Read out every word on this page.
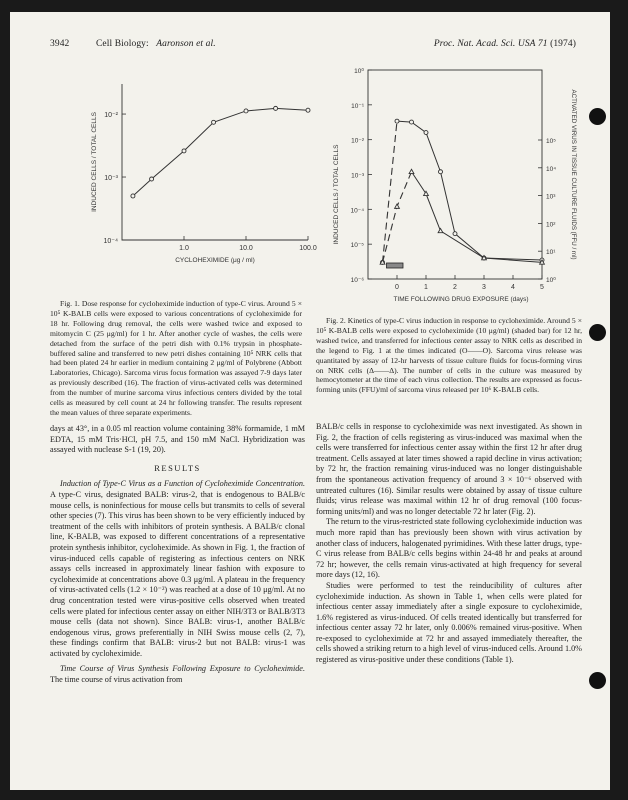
3942	Cell Biology: Aaronson et al.	Proc. Nat. Acad. Sci. USA 71 (1974)
1.0	10.0	100.0
10⁻²
10⁻³
10⁻⁴
CYCLOHEXIMIDE (μg / ml)
INDUCED CELLS / TOTAL CELLS
0	1	2	3	4	5
10⁰
10⁻¹
10⁻²
10⁻³
10⁻⁴
10⁻⁵
10⁻⁶
10⁵
10⁴
10³
10²
10¹
10⁰
TIME FOLLOWING DRUG EXPOSURE (days)
INDUCED CELLS / TOTAL CELLS	ACTIVATED VIRUS IN TISSUE CULTURE FLUIDS (FFU / ml)

Fig. 1. Dose response for cycloheximide induction of type-C virus. Around 5 × 10⁵ K-BALB cells were exposed to various concentrations of cycloheximide for 18 hr. Following drug removal, the cells were washed twice and exposed to mitomycin C (25 μg/ml) for 1 hr. After another cycle of washes, the cells were detached from the surface of the petri dish with 0.1% trypsin in phosphate-buffered saline and transferred to new petri dishes containing 10⁵ NRK cells that had been plated 24 hr earlier in medium containing 2 μg/ml of Polybrene (Abbott Laboratories, Chicago). Sarcoma virus focus formation was assayed 7-9 days later as previously described (16). The fraction of virus-activated cells was determined from the number of murine sarcoma virus infectious centers divided by the total cells as measured by cell count at 24 hr following transfer. The results represent the mean values of three separate experiments.

Fig. 2. Kinetics of type-C virus induction in response to cycloheximide. Around 5 × 10⁵ K-BALB cells were exposed to cycloheximide (10 μg/ml) (shaded bar) for 12 hr, washed twice, and transferred for infectious center assay to NRK cells as described in the legend to Fig. 1 at the times indicated (O——O). Sarcoma virus release was quantitated by assay of 12-hr harvests of tissue culture fluids for focus-forming virus on NRK cells (Δ——Δ). The number of cells in the culture was measured by hemocytometer at the time of each virus collection. The results are expressed as focus-forming units (FFU)/ml of sarcoma virus released per 10⁶ K-BALB cells.

days at 43°, in a 0.05 ml reaction volume containing 38% formamide, 1 mM EDTA, 15 mM Tris·HCl, pH 7.5, and 150 mM NaCl. Hybridization was assayed with nuclease S-1 (19, 20).

RESULTS

Induction of Type-C Virus as a Function of Cycloheximide Concentration. A type-C virus, designated BALB: virus-2, that is endogenous to BALB/c mouse cells, is noninfectious for mouse cells but transmits to cells of several other species (7). This virus has been shown to be very efficiently induced by treatment of the cells with inhibitors of protein synthesis. A BALB/c clonal line, K-BALB, was exposed to different concentrations of a representative protein synthesis inhibitor, cycloheximide. As shown in Fig. 1, the fraction of virus-induced cells capable of registering as infectious centers on NRK assays cells increased in approximately linear fashion with exposure to cycloheximide at concentrations above 0.3 μg/ml. A plateau in the frequency of virus-activated cells (1.2 × 10⁻²) was reached at a dose of 10 μg/ml. At no drug concentration tested were virus-positive cells observed when treated cells were plated for infectious center assay on either NIH/3T3 or BALB/3T3 mouse cells (data not shown). Since BALB: virus-1, another BALB/c endogenous virus, grows preferentially in NIH Swiss mouse cells (2, 7), these findings confirm that BALB: virus-2 but not BALB: virus-1 was activated by cycloheximide.

Time Course of Virus Synthesis Following Exposure to Cycloheximide. The time course of virus activation from

BALB/c cells in response to cycloheximide was next investigated. As shown in Fig. 2, the fraction of cells registering as virus-induced was maximal when the cells were transferred for infectious center assay within the first 12 hr after drug treatment. Cells assayed at later times showed a rapid decline in virus activation; by 72 hr, the fraction remaining virus-induced was no longer distinguishable from the spontaneous activation frequency of around 3 × 10⁻⁶ observed with untreated cultures (16). Similar results were obtained by assay of tissue culture fluids; virus release was maximal within 12 hr of drug removal (100 focus-forming units/ml) and was no longer detectable 72 hr later (Fig. 2).

The return to the virus-restricted state following cycloheximide induction was much more rapid than has previously been shown with virus activation by another class of inducers, halogenated pyrimidines. With these latter drugs, type-C virus release from BALB/c cells begins within 24-48 hr and peaks at around 72 hr; however, the cells remain virus-activated at high frequency for several more days (12, 16).

Studies were performed to test the reinducibility of cultures after cycloheximide induction. As shown in Table 1, when cells were plated for infectious center assay immediately after a single exposure to cycloheximide, 1.6% registered as virus-induced. Of cells treated identically but transferred for infectious center assay 72 hr later, only 0.006% remained virus-positive. When re-exposed to cycloheximide at 72 hr and assayed immediately thereafter, the cells showed a striking return to a high level of virus-induced cells. Around 1.0% registered as virus-positive under these conditions (Table 1).
